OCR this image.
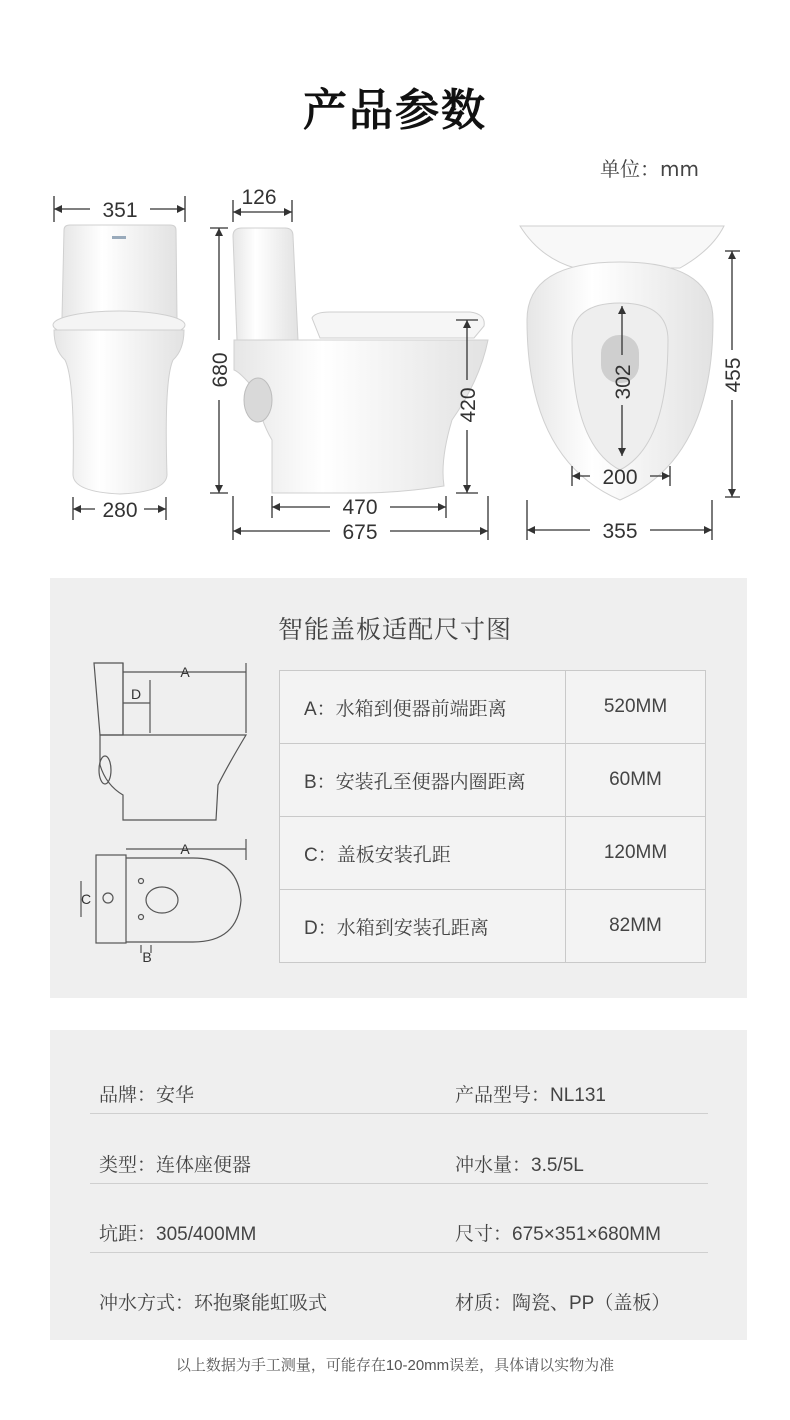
产品参数
单位：mm
351
280
126
680
420
470
675
455
302
200
355
智能盖板适配尺寸图
A
D
A
C
B
A：水箱到便器前端距离	520MM
B：安装孔至便器内圈距离	60MM
C：盖板安装孔距	120MM
D：水箱到安装孔距离	82MM
品牌：安华	产品型号：NL131
类型：连体座便器	冲水量：3.5/5L
坑距：305/400MM	尺寸：675×351×680MM
冲水方式：环抱聚能虹吸式	材质：陶瓷、PP（盖板）
以上数据为手工测量，可能存在10-20mm误差，具体请以实物为准
